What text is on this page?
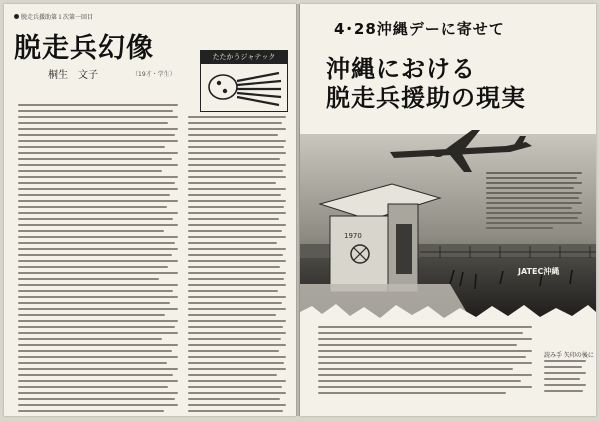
脱走兵援助第１次第一回目
脱走兵幻像
桐生　文子	（19才・学生）
たたかうジャテック
4･28沖縄デーに寄せて
沖縄における
脱走兵援助の現実
1970
JATEC沖縄
読み手 矢印の後に
